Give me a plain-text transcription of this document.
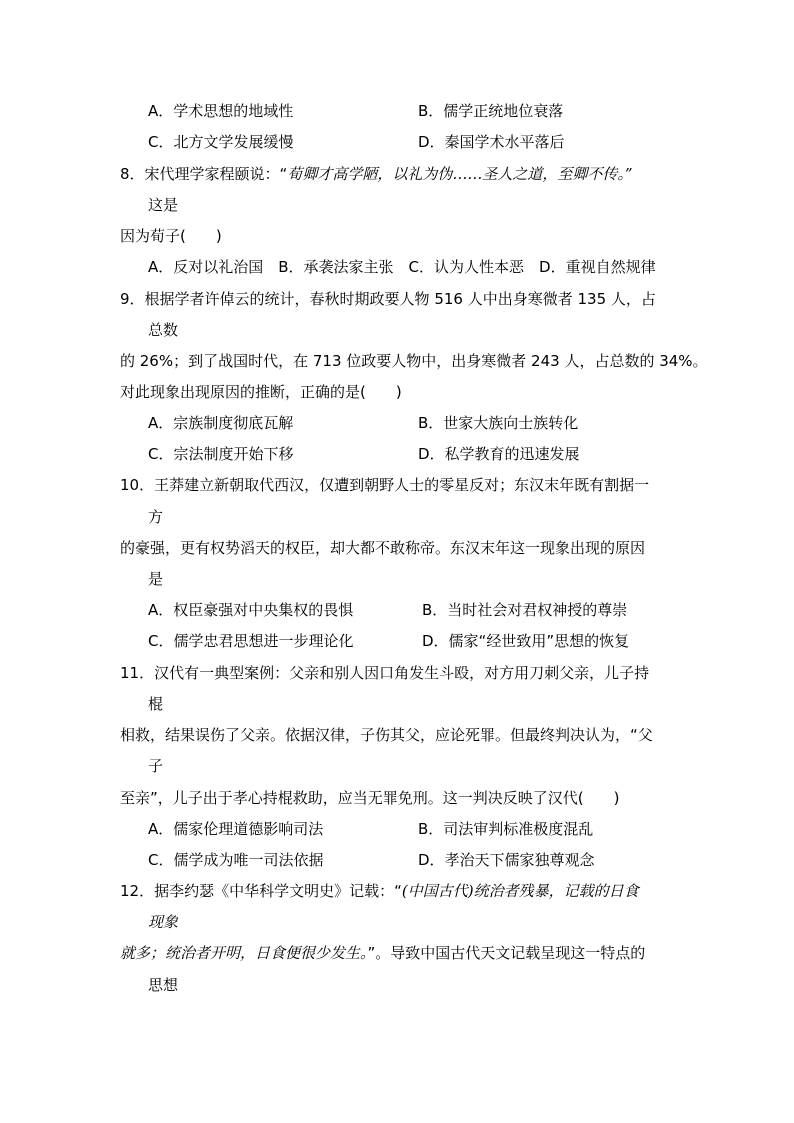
A．学术思想的地域性	B．儒学正统地位衰落
C．北方文学发展缓慢	D．秦国学术水平落后
8．宋代理学家程颐说：“荀卿才高学陋，以礼为伪……圣人之道，至卿不传。”
这是
因为荀子(　　)
A．反对以礼治国　B．承袭法家主张　C．认为人性本恶　D．重视自然规律
9．根据学者许倬云的统计，春秋时期政要人物 516 人中出身寒微者 135 人，占
总数
的 26%；到了战国时代，在 713 位政要人物中，出身寒微者 243 人，占总数的 34%。
对此现象出现原因的推断，正确的是(　　)
A．宗族制度彻底瓦解	B．世家大族向士族转化
C．宗法制度开始下移	D．私学教育的迅速发展
10．王莽建立新朝取代西汉，仅遭到朝野人士的零星反对；东汉末年既有割据一
方
的豪强，更有权势滔天的权臣，却大都不敢称帝。东汉末年这一现象出现的原因
是
A．权臣豪强对中央集权的畏惧	B．当时社会对君权神授的尊崇
C．儒学忠君思想进一步理论化	D．儒家“经世致用”思想的恢复
11．汉代有一典型案例：父亲和别人因口角发生斗殴，对方用刀刺父亲，儿子持
棍
相救，结果误伤了父亲。依据汉律，子伤其父，应论死罪。但最终判决认为，“父
子
至亲”，儿子出于孝心持棍救助，应当无罪免刑。这一判决反映了汉代(　　)
A．儒家伦理道德影响司法	B．司法审判标准极度混乱
C．儒学成为唯一司法依据	D．孝治天下儒家独尊观念
12．据李约瑟《中华科学文明史》记载：“(中国古代)统治者残暴，记载的日食
现象
就多；统治者开明，日食便很少发生。”。导致中国古代天文记载呈现这一特点的
思想
